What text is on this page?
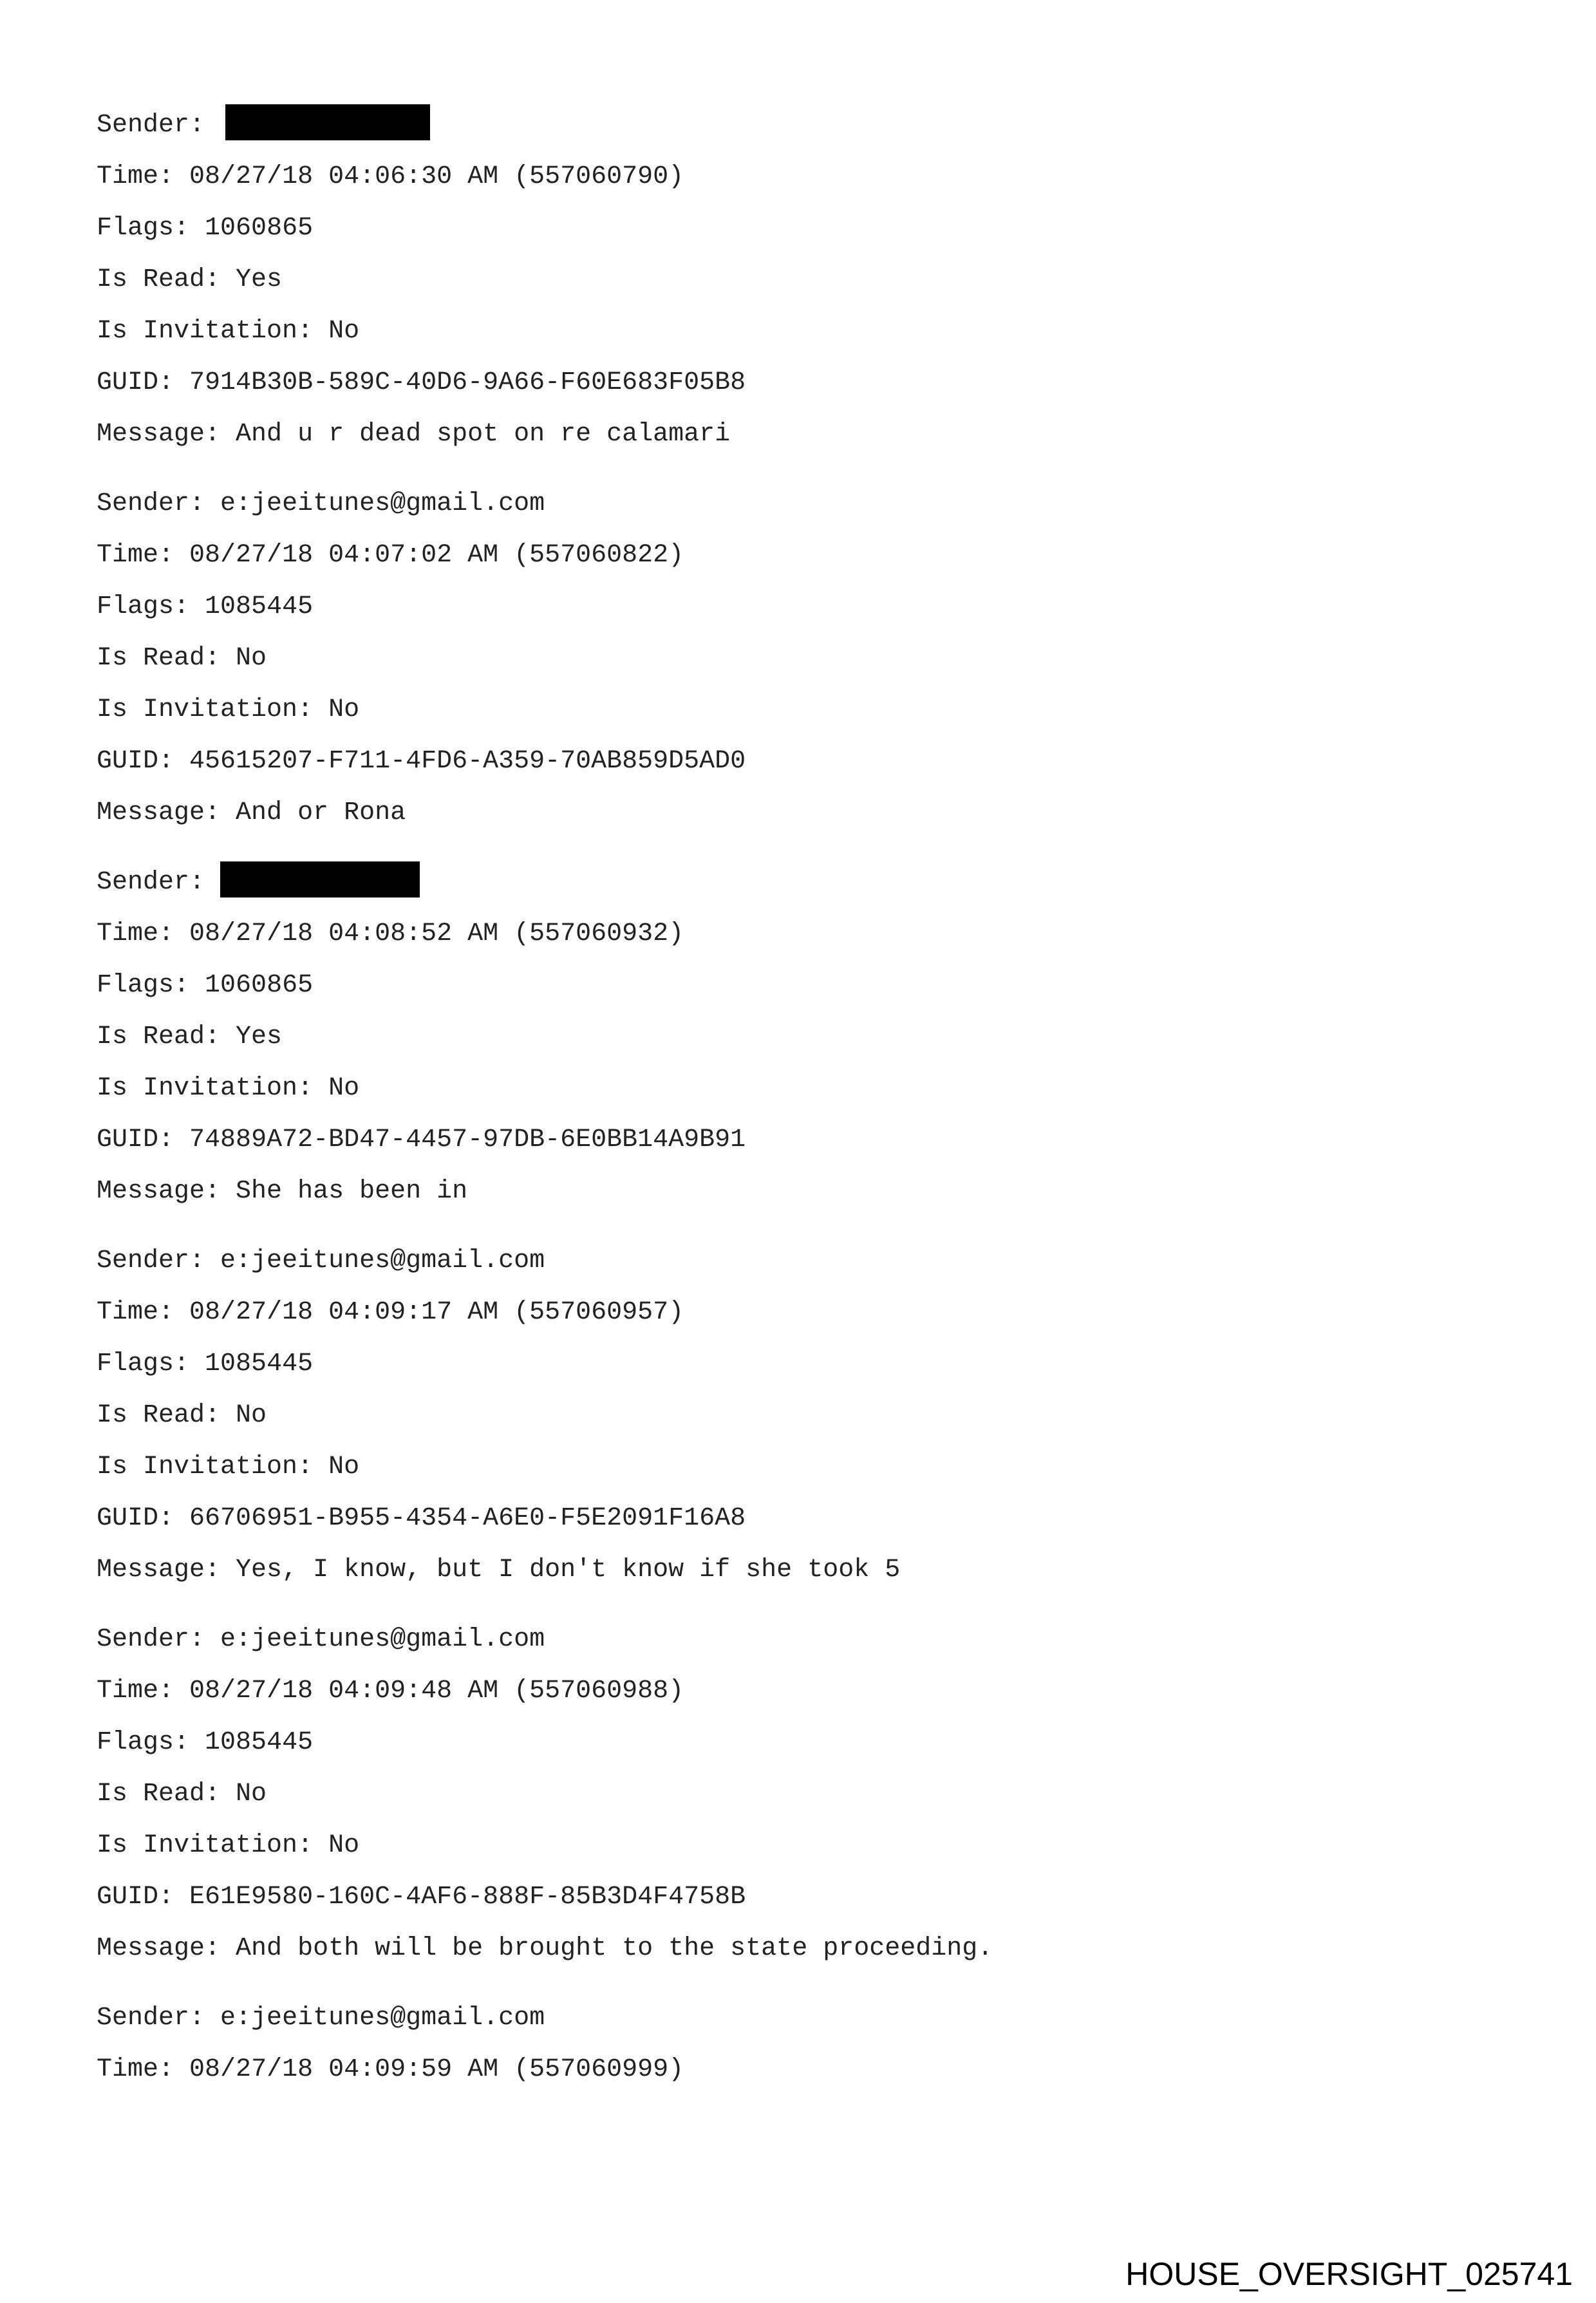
Sender:
Time: 08/27/18 04:06:30 AM (557060790)
Flags: 1060865
Is Read: Yes
Is Invitation: No
GUID: 7914B30B-589C-40D6-9A66-F60E683F05B8
Message: And u r dead spot on re calamari
Sender: e:jeeitunes@gmail.com
Time: 08/27/18 04:07:02 AM (557060822)
Flags: 1085445
Is Read: No
Is Invitation: No
GUID: 45615207-F711-4FD6-A359-70AB859D5AD0
Message: And or Rona
Sender:
Time: 08/27/18 04:08:52 AM (557060932)
Flags: 1060865
Is Read: Yes
Is Invitation: No
GUID: 74889A72-BD47-4457-97DB-6E0BB14A9B91
Message: She has been in
Sender: e:jeeitunes@gmail.com
Time: 08/27/18 04:09:17 AM (557060957)
Flags: 1085445
Is Read: No
Is Invitation: No
GUID: 66706951-B955-4354-A6E0-F5E2091F16A8
Message: Yes, I know, but I don't know if she took 5
Sender: e:jeeitunes@gmail.com
Time: 08/27/18 04:09:48 AM (557060988)
Flags: 1085445
Is Read: No
Is Invitation: No
GUID: E61E9580-160C-4AF6-888F-85B3D4F4758B
Message: And both will be brought to the state proceeding.
Sender: e:jeeitunes@gmail.com
Time: 08/27/18 04:09:59 AM (557060999)
HOUSE_OVERSIGHT_025741
